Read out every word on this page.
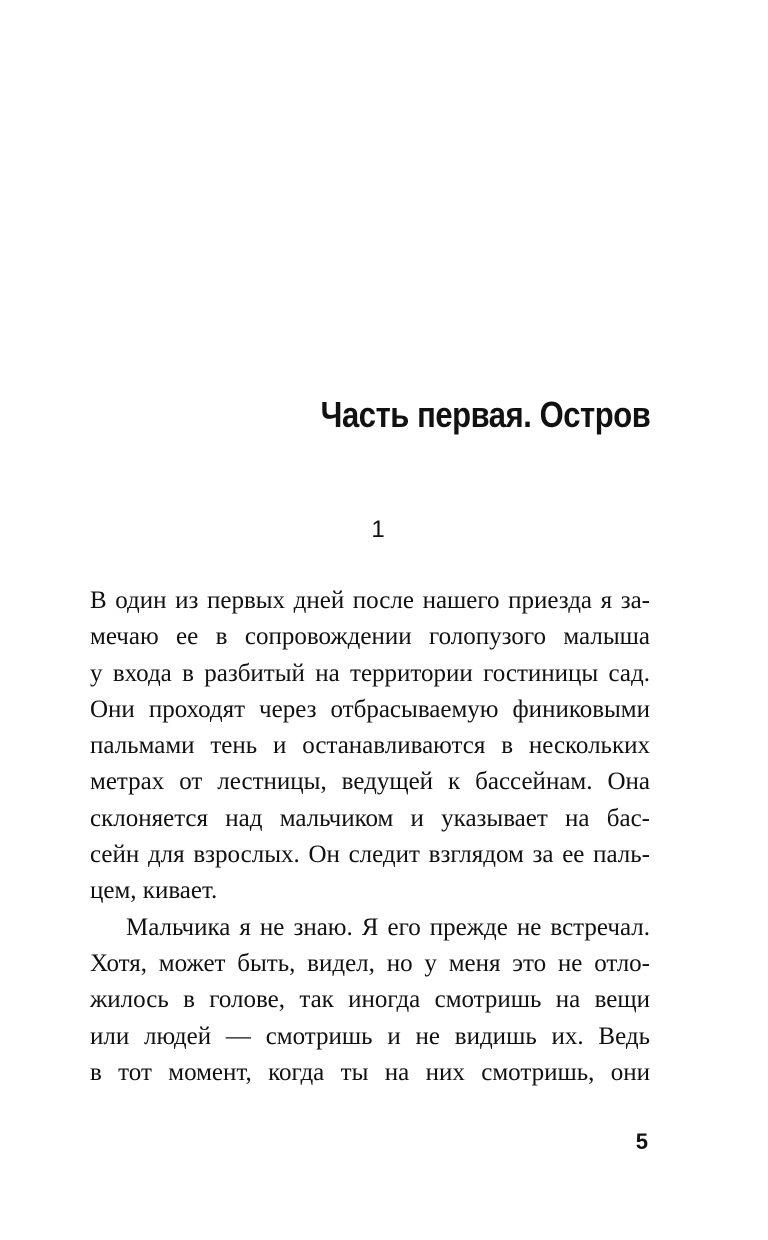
Часть первая. Остров
1
В один из первых дней после нашего приезда я за-
мечаю ее в сопровождении голопузого малыша
у входа в разбитый на территории гостиницы сад.
Они проходят через отбрасываемую финиковыми
пальмами тень и останавливаются в нескольких
метрах от лестницы, ведущей к бассейнам. Она
склоняется над мальчиком и указывает на бас-
сейн для взрослых. Он следит взглядом за ее паль-
цем, кивает.
Мальчика я не знаю. Я его прежде не встречал.
Хотя, может быть, видел, но у меня это не отло-
жилось в голове, так иногда смотришь на вещи
или людей — смотришь и не видишь их. Ведь
в тот момент, когда ты на них смотришь, они
5
